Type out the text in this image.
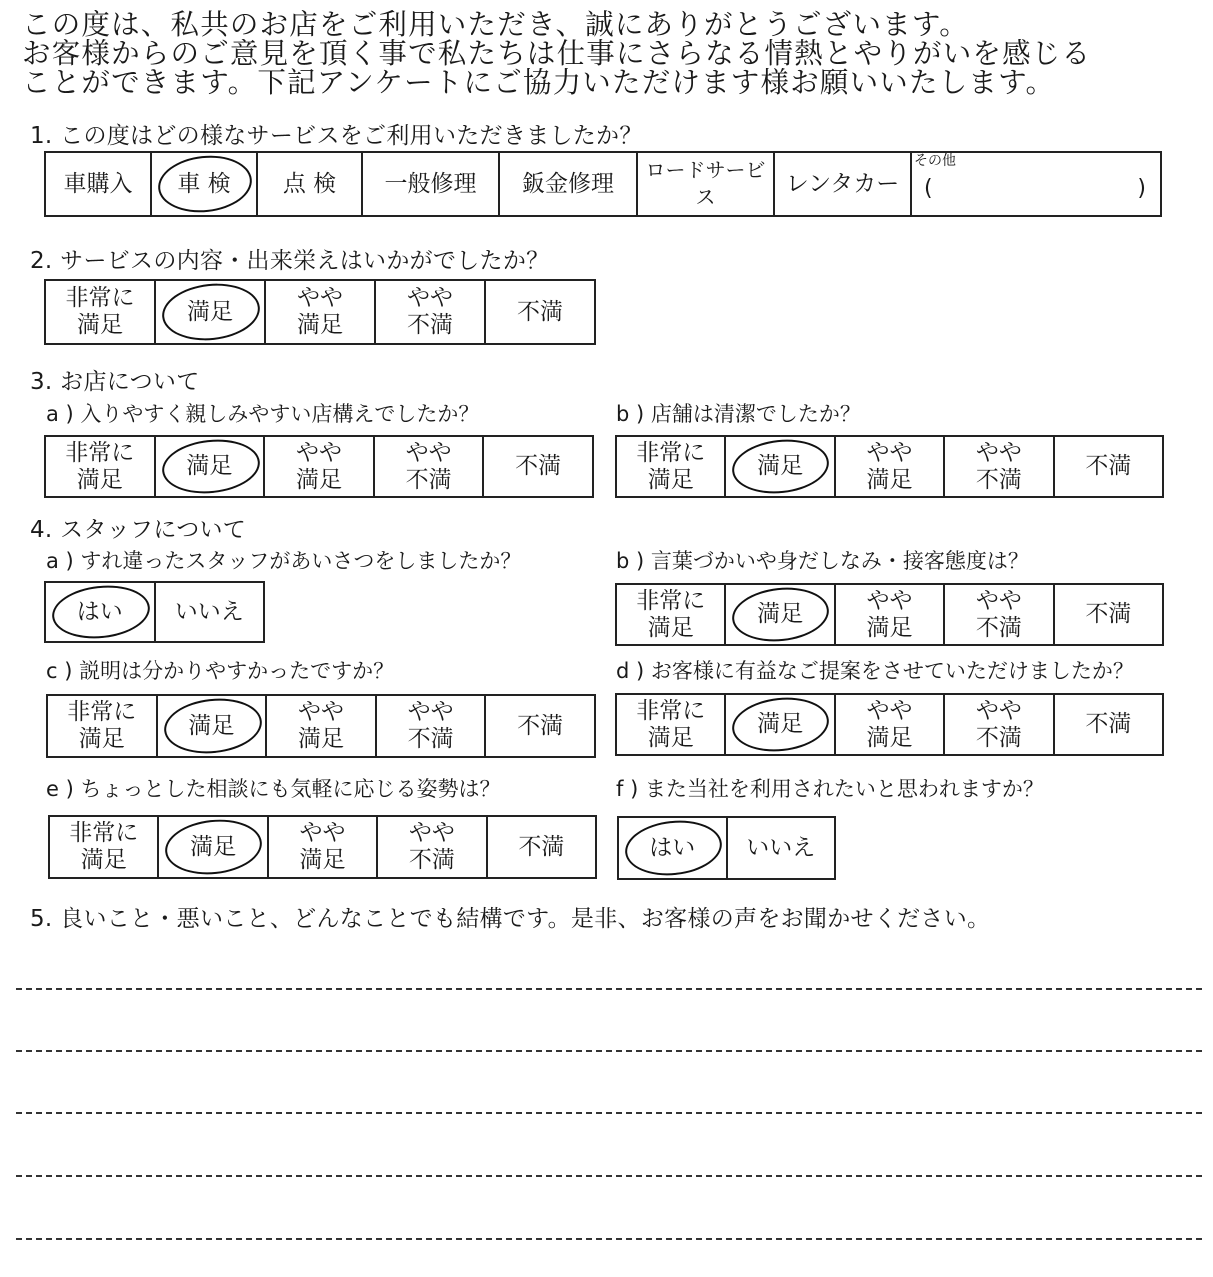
この度は、私共のお店をご利用いただき、誠にありがとうございます。
お客様からのご意見を頂く事で私たちは仕事にさらなる情熱とやりがいを感じる
ことができます。下記アンケートにご協力いただけます様お願いいたします。
1. この度はどの様なサービスをご利用いただきましたか？
車購入 車 検 点 検 一般修理 鈑金修理
ロードサービス
レンタカー
その他
(	)
2. サービスの内容・出来栄えはいかがでしたか？
非常に
満足
満足
やや
満足
やや
不満
不満
3. お店について
a ) 入りやすく親しみやすい店構えでしたか？
非常に
満足
満足
やや
満足
やや
不満
不満
b ) 店舗は清潔でしたか？
非常に
満足
満足
やや
満足
やや
不満
不満
4. スタッフについて
a ) すれ違ったスタッフがあいさつをしましたか？
はい いいえ
b ) 言葉づかいや身だしなみ・接客態度は？
非常に
満足
満足
やや
満足
やや
不満
不満
c ) 説明は分かりやすかったですか？
非常に
満足
満足
やや
満足
やや
不満
不満
d ) お客様に有益なご提案をさせていただけましたか？
非常に
満足
満足
やや
満足
やや
不満
不満
e ) ちょっとした相談にも気軽に応じる姿勢は？
非常に
満足
満足
やや
満足
やや
不満
不満
f ) また当社を利用されたいと思われますか？
はい いいえ
5. 良いこと・悪いこと、どんなことでも結構です。是非、お客様の声をお聞かせください。
